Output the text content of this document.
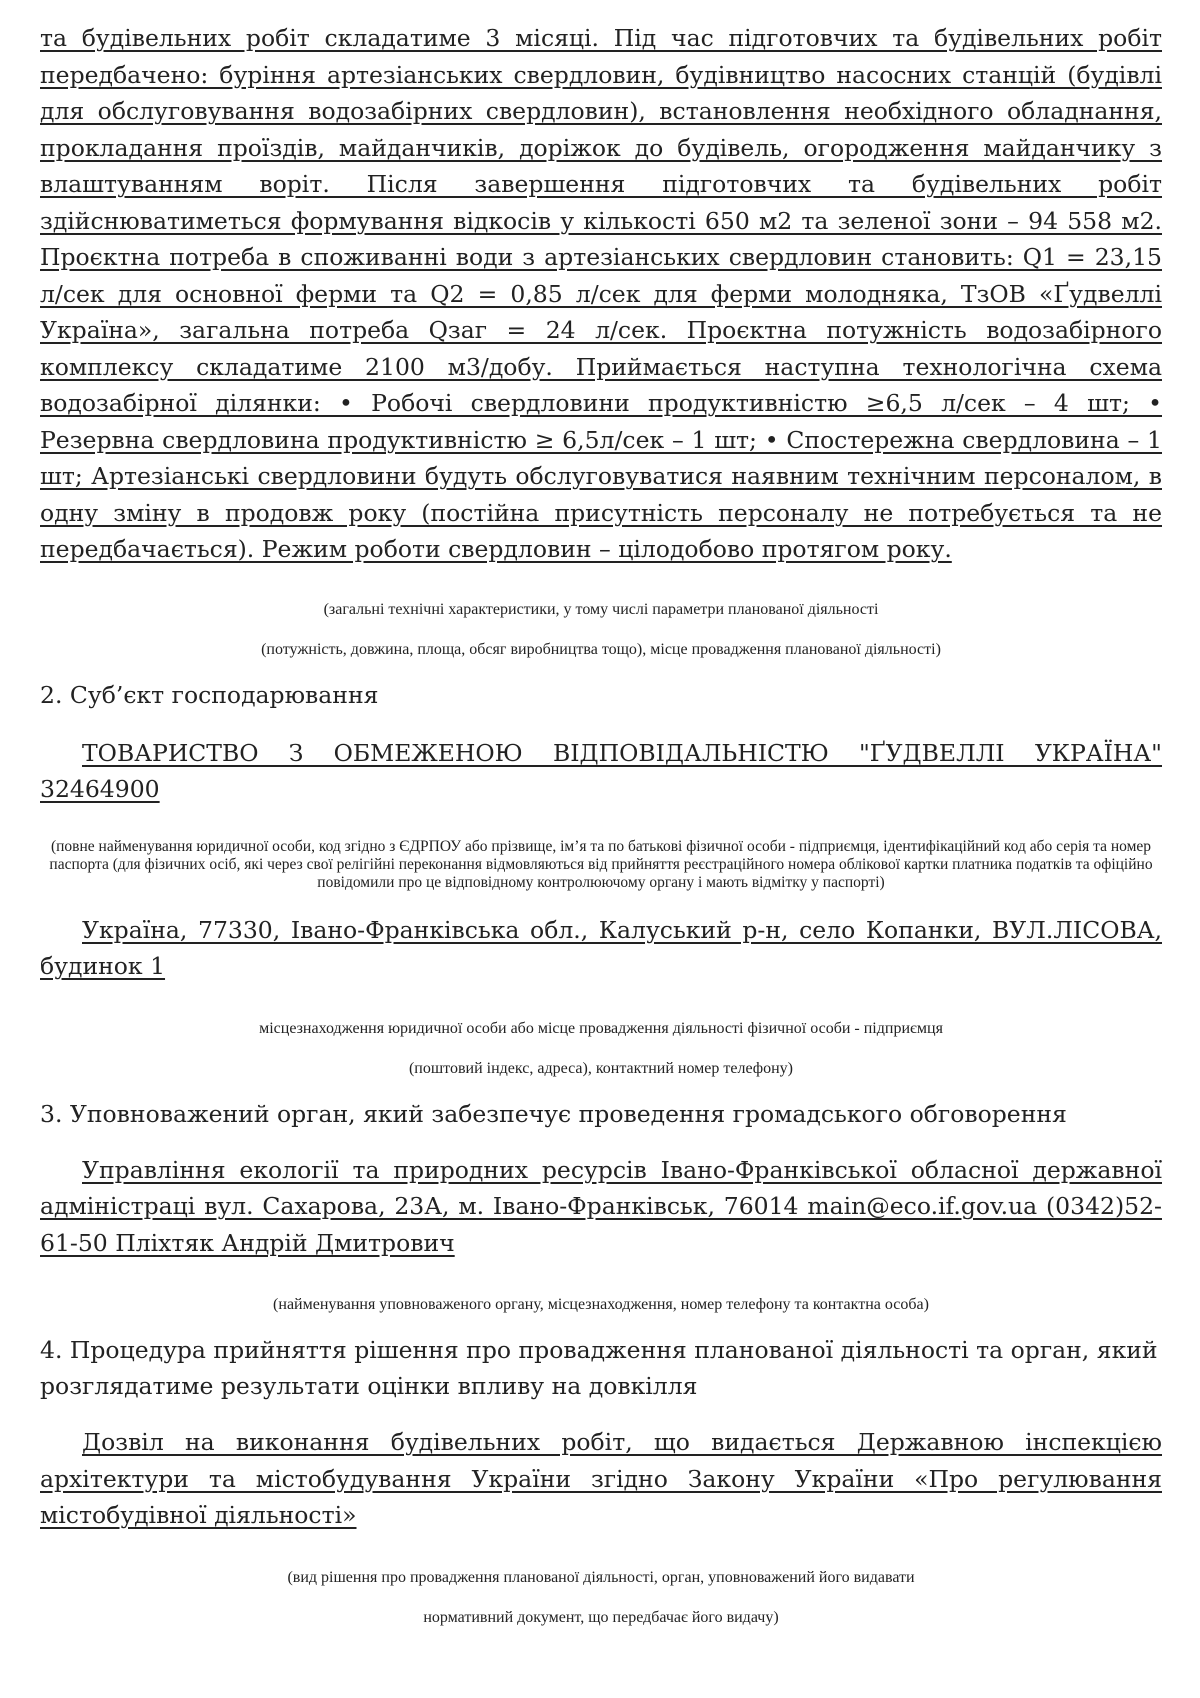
та будівельних робіт складатиме 3 місяці. Під час підготовчих та будівельних робіт передбачено: буріння артезіанських свердловин, будівництво насосних станцій (будівлі для обслуговування водозабірних свердловин), встановлення необхідного обладнання, прокладання проїздів, майданчиків, доріжок до будівель, огородження майданчику з влаштуванням воріт. Після завершення підготовчих та будівельних робіт здійснюватиметься формування відкосів у кількості 650 м2 та зеленої зони – 94 558 м2. Проєктна потреба в споживанні води з артезіанських свердловин становить: Q1 = 23,15 л/сек для основної ферми та Q2 = 0,85 л/сек для ферми молодняка, ТзОВ «Ґудвеллі Україна», загальна потреба Qзаг = 24 л/сек. Проєктна потужність водозабірного комплексу складатиме 2100 м3/добу. Приймається наступна технологічна схема водозабірної ділянки: • Робочі свердловини продуктивністю ≥6,5 л/сек – 4 шт; • Резервна свердловина продуктивністю ≥ 6,5л/сек – 1 шт; • Спостережна свердловина – 1 шт; Артезіанські свердловини будуть обслуговуватися наявним технічним персоналом, в одну зміну в продовж року (постійна присутність персоналу не потребується та не передбачається). Режим роботи свердловин – цілодобово протягом року.

(загальні технічні характеристики, у тому числі параметри планованої діяльності

(потужність, довжина, площа, обсяг виробництва тощо), місце провадження планованої діяльності)

2. Суб’єкт господарювання

ТОВАРИСТВО З ОБМЕЖЕНОЮ ВІДПОВІДАЛЬНІСТЮ "ҐУДВЕЛЛІ УКРАЇНА" 32464900

(повне найменування юридичної особи, код згідно з ЄДРПОУ або прізвище, ім’я та по батькові фізичної особи - підприємця, ідентифікаційний код або серія та номер паспорта (для фізичних осіб, які через свої релігійні переконання відмовляються від прийняття реєстраційного номера облікової картки платника податків та офіційно повідомили про це відповідному контролюючому органу і мають відмітку у паспорті)

Україна, 77330, Івано-Франківська обл., Калуський р-н, село Копанки, ВУЛ.ЛІСОВА, будинок 1

місцезнаходження юридичної особи або місце провадження діяльності фізичної особи - підприємця

(поштовий індекс, адреса), контактний номер телефону)

3. Уповноважений орган, який забезпечує проведення громадського обговорення

Управління екології та природних ресурсів Івано-Франківської обласної державної адміністраці вул. Сахарова, 23А, м. Івано-Франківськ, 76014 main@eco.if.gov.ua (0342)52-61-50 Пліхтяк Андрій Дмитрович

(найменування уповноваженого органу, місцезнаходження, номер телефону та контактна особа)

4. Процедура прийняття рішення про провадження планованої діяльності та орган, який розглядатиме результати оцінки впливу на довкілля

Дозвіл на виконання будівельних робіт, що видається Державною інспекцією архітектури та містобудування України згідно Закону України «Про регулювання містобудівної діяльності»

(вид рішення про провадження планованої діяльності, орган, уповноважений його видавати

нормативний документ, що передбачає його видачу)
